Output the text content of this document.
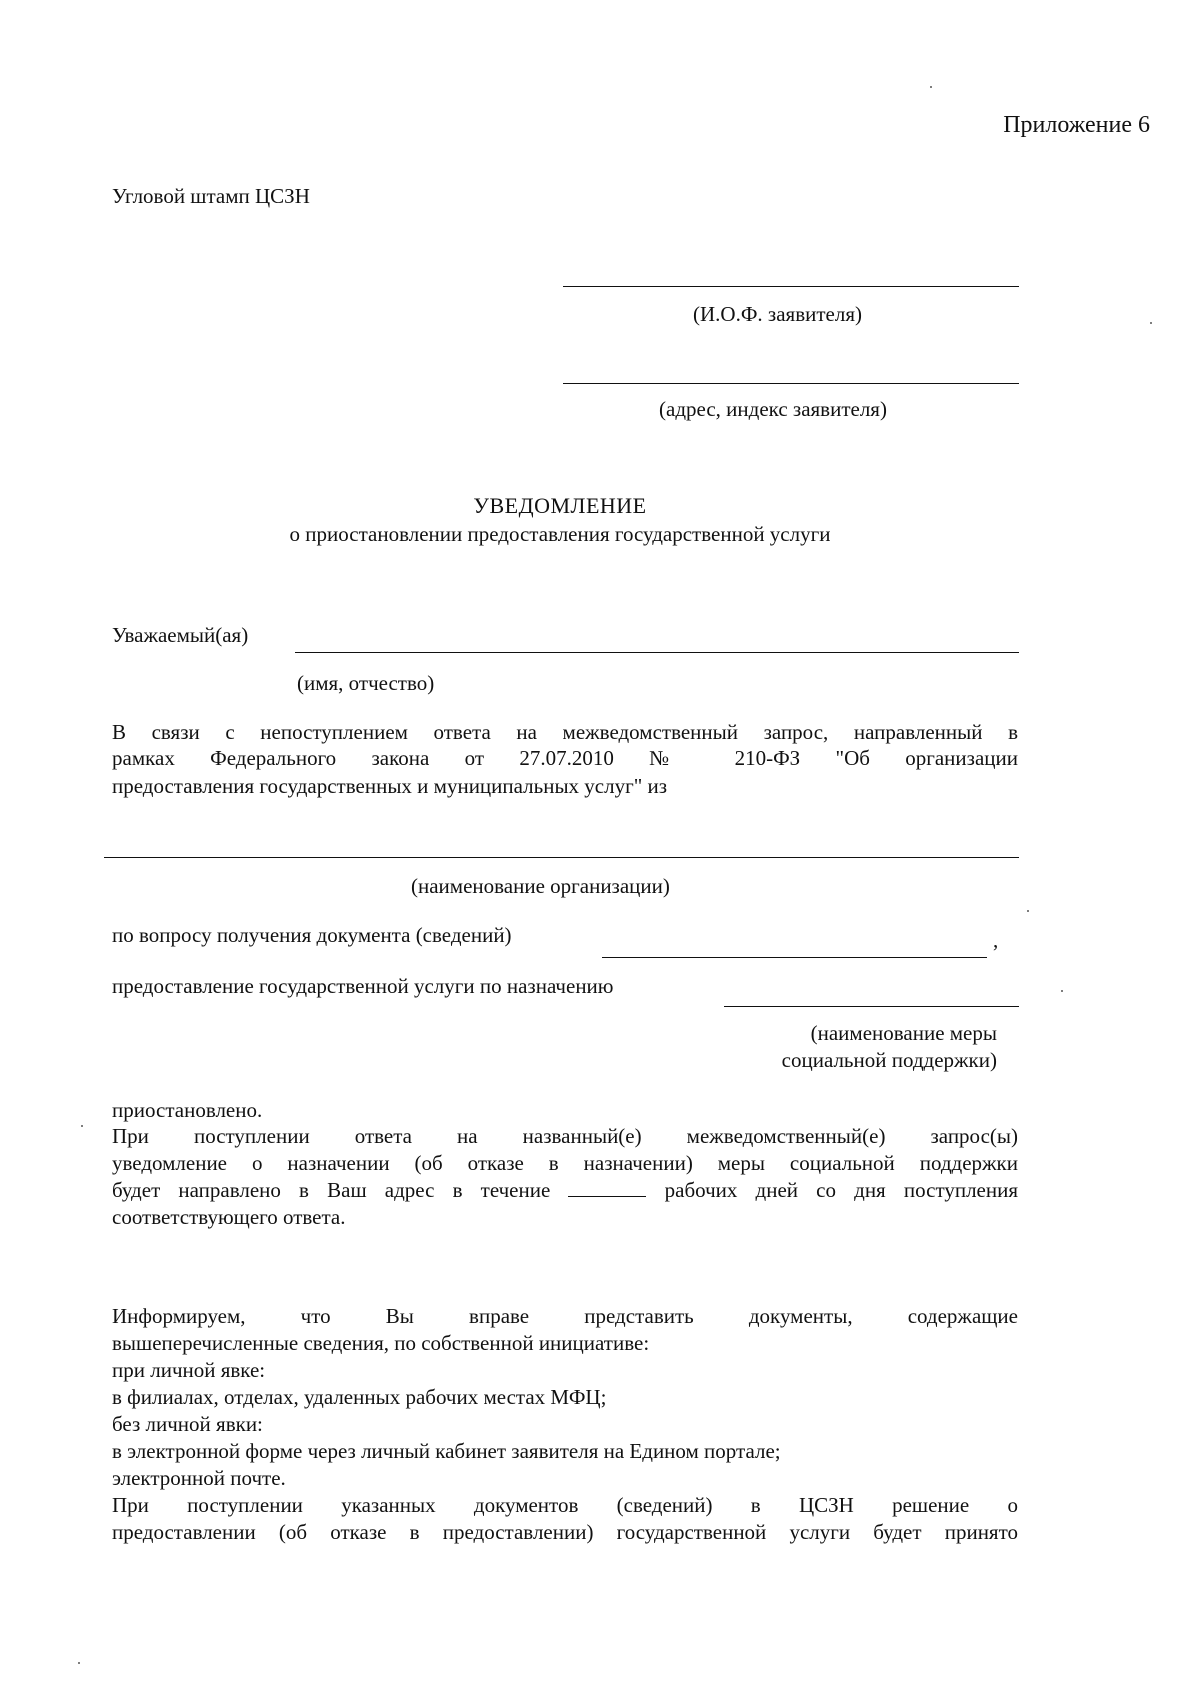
Приложение 6
Угловой штамп ЦСЗН
(И.О.Ф. заявителя)
(адрес, индекс заявителя)
УВЕДОМЛЕНИЕ
о приостановлении предоставления государственной услуги
Уважаемый(ая)
(имя, отчество)
В связи с непоступлением ответа на межведомственный запрос, направленный в
рамках Федерального закона от 27.07.2010 № 210-ФЗ "Об организации
предоставления государственных и муниципальных услуг" из
(наименование организации)
по вопросу получения документа (сведений)	,
предоставление государственной услуги по назначению
(наименование меры
социальной поддержки)
приостановлено.
При поступлении ответа на названный(е) межведомственный(е) запрос(ы)
уведомление о назначении (об отказе в назначении) меры социальной поддержки
будет направлено в Ваш адрес в течение	рабочих дней со дня поступления
соответствующего ответа.
Информируем, что Вы вправе представить документы, содержащие
вышеперечисленные сведения, по собственной инициативе:
при личной явке:
в филиалах, отделах, удаленных рабочих местах МФЦ;
без личной явки:
в электронной форме через личный кабинет заявителя на Едином портале;
электронной почте.
При поступлении указанных документов (сведений) в ЦСЗН решение о
предоставлении (об отказе в предоставлении) государственной услуги будет принято
